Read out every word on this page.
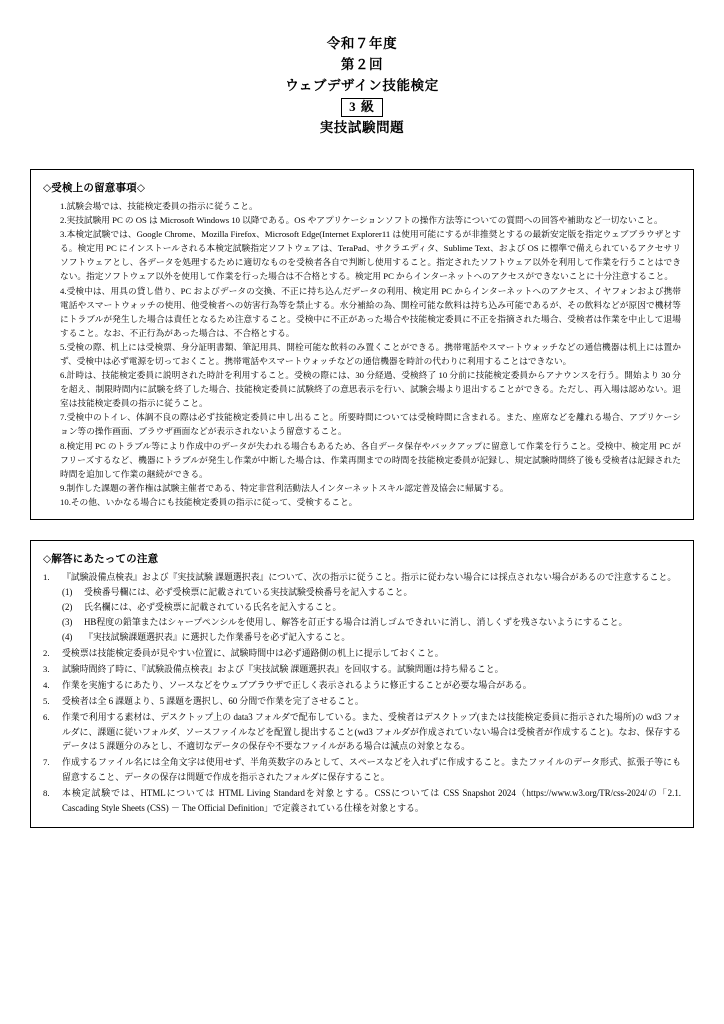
令和７年度
第２回
ウェブデザイン技能検定
3 級
実技試験問題
◇受検上の留意事項◇
1.試験会場では、技能検定委員の指示に従うこと。
2.実技試験用 PC の OS は Microsoft Windows 10 以降である。OS やアプリケーションソフトの操作方法等についての質問への回答や補助など一切ないこと。
3.本検定試験では、Google Chrome、Mozilla Firefox、Microsoft Edge(Internet Explorer11 は使用可能にするが非推奨とするの最新安定版を指定ウェブブラウザとする。検定用 PC にインストールされる本検定試験指定ソフトウェアは、TeraPad、サクラエディタ、Sublime Text、および OS に標準で備えられているアクセサリソフトウェアとし、各データを処理するために適切なものを受検者各自で判断し使用すること。指定されたソフトウェア以外を利用して作業を行うことはできない。指定ソフトウェア以外を使用して作業を行った場合は不合格とする。検定用 PC からインターネットへのアクセスができないことに十分注意すること。
4.受検中は、用具の貸し借り、PC およびデータの交換、不正に持ち込んだデータの利用、検定用 PC からインターネットへのアクセス、イヤフォンおよび携帯電話やスマートウォッチの使用、他受検者への妨害行為等を禁止する。水分補給の為、開栓可能な飲料は持ち込み可能であるが、その飲料などが原因で機材等にトラブルが発生した場合は責任となるため注意すること。受検中に不正があった場合や技能検定委員に不正を指摘された場合、受検者は作業を中止して退場すること。なお、不正行為があった場合は、不合格とする。
5.受検の際、机上には受検票、身分証明書類、筆記用具、開栓可能な飲料のみ置くことができる。携帯電話やスマートウォッチなどの通信機器は机上には置かず、受検中は必ず電源を切っておくこと。携帯電話やスマートウォッチなどの通信機器を時計の代わりに利用することはできない。
6.計時は、技能検定委員に説明された時計を利用すること。受検の際には、30 分経過、受検終了 10 分前に技能検定委員からアナウンスを行う。開始より 30 分を超え、制限時間内に試験を終了した場合、技能検定委員に試験終了の意思表示を行い、試験会場より退出することができる。ただし、再入場は認めない。退室は技能検定委員の指示に従うこと。
7.受検中のトイレ、体調不良の際は必ず技能検定委員に申し出ること。所要時間については受検時間に含まれる。また、座席などを離れる場合、アプリケーション等の操作画面、ブラウザ画面などが表示されないよう留意すること。
8.検定用 PC のトラブル等により作成中のデータが失われる場合もあるため、各自データ保存やバックアップに留意して作業を行うこと。受検中、検定用 PC がフリーズするなど、機器にトラブルが発生し作業が中断した場合は、作業再開までの時間を技能検定委員が記録し、規定試験時間終了後も受検者は記録された時間を追加して作業の継続ができる。
9.制作した課題の著作権は試験主催者である、特定非営利活動法人インターネットスキル認定普及協会に帰属する。
10.その他、いかなる場合にも技能検定委員の指示に従って、受検すること。
◇解答にあたっての注意
1.	『試験設備点検表』および『実技試験 課題選択表』について、次の指示に従うこと。指示に従わない場合には採点されない場合があるので注意すること。
(1)	受検番号欄には、必ず受検票に記載されている実技試験受検番号を記入すること。
(2)	氏名欄には、必ず受検票に記載されている氏名を記入すること。
(3)	HB程度の鉛筆またはシャープペンシルを使用し、解答を訂正する場合は消しゴムできれいに消し、消しくずを残さないようにすること。
(4)	『実技試験課題選択表』に選択した作業番号を必ず記入すること。
2.	受検票は技能検定委員が見やすい位置に、試験時間中は必ず通路側の机上に提示しておくこと。
3.	試験時間終了時に、『試験設備点検表』および『実技試験 課題選択表』を回収する。試験問題は持ち帰ること。
4.	作業を実施するにあたり、ソースなどをウェブブラウザで正しく表示されるように修正することが必要な場合がある。
5.	受検者は全 6 課題より、5 課題を選択し、60 分間で作業を完了させること。
6.	作業で利用する素材は、デスクトップ上の data3 フォルダで配布している。また、受検者はデスクトップ(または技能検定委員に指示された場所)の wd3 フォルダに、課題に従いフォルダ、ソースファイルなどを配置し提出すること(wd3 フォルダが作成されていない場合は受検者が作成すること)。なお、保存するデータは 5 課題分のみとし、不適切なデータの保存や不要なファイルがある場合は減点の対象となる。
7.	作成するファイル名には全角文字は使用せず、半角英数字のみとして、スペースなどを入れずに作成すること。またファイルのデータ形式、拡張子等にも留意すること、データの保存は問題で作成を指示されたフォルダに保存すること。
8.	本検定試験では、HTMLについては HTML Living Standardを対象とする。CSSについては CSS Snapshot 2024（https://www.w3.org/TR/css-2024/の「2.1. Cascading Style Sheets (CSS) － The Official Definition」で定義されている仕様を対象とする。
